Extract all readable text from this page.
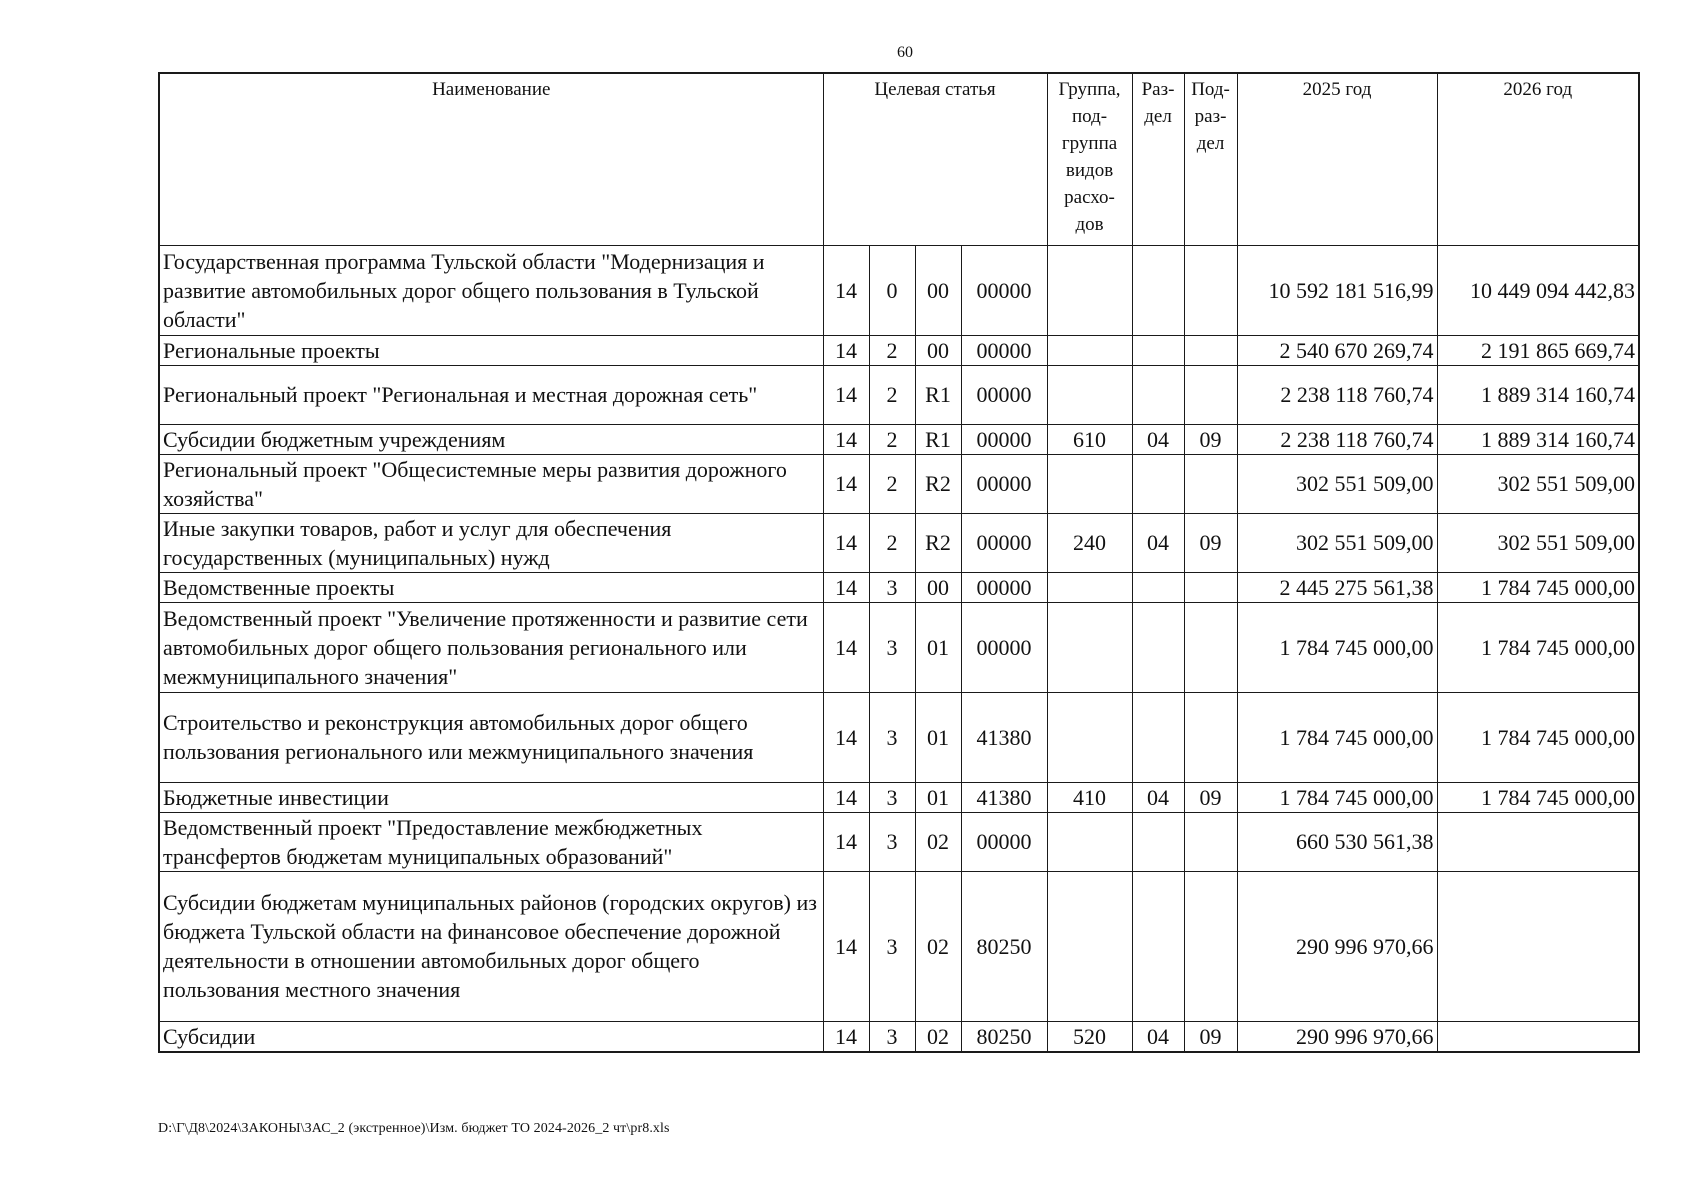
60
Наименование	Целевая статья				Группа, под- группа видов расхо- дов	Раз- дел	Под- раз- дел	2025 год	2026 год
Государственная программа Тульской области "Модернизация и развитие автомобильных дорог общего пользования в Тульской области"	14	0	00	00000				10 592 181 516,99	10 449 094 442,83
Региональные проекты	14	2	00	00000				2 540 670 269,74	2 191 865 669,74
Региональный проект "Региональная и местная дорожная сеть"	14	2	R1	00000				2 238 118 760,74	1 889 314 160,74
Субсидии бюджетным учреждениям	14	2	R1	00000	610	04	09	2 238 118 760,74	1 889 314 160,74
Региональный проект "Общесистемные меры развития дорожного хозяйства"	14	2	R2	00000				302 551 509,00	302 551 509,00
Иные закупки товаров, работ и услуг для обеспечения государственных (муниципальных) нужд	14	2	R2	00000	240	04	09	302 551 509,00	302 551 509,00
Ведомственные проекты	14	3	00	00000				2 445 275 561,38	1 784 745 000,00
Ведомственный проект "Увеличение протяженности и развитие сети автомобильных дорог общего пользования регионального или межмуниципального значения"	14	3	01	00000				1 784 745 000,00	1 784 745 000,00
Строительство и реконструкция автомобильных дорог общего пользования регионального или межмуниципального значения	14	3	01	41380				1 784 745 000,00	1 784 745 000,00
Бюджетные инвестиции	14	3	01	41380	410	04	09	1 784 745 000,00	1 784 745 000,00
Ведомственный проект "Предоставление межбюджетных трансфертов бюджетам муниципальных образований"	14	3	02	00000				660 530 561,38	
Субсидии бюджетам муниципальных районов (городских округов) из бюджета Тульской области на финансовое обеспечение дорожной деятельности в отношении автомобильных дорог общего пользования местного значения	14	3	02	80250				290 996 970,66	
Субсидии	14	3	02	80250	520	04	09	290 996 970,66	
D:\Г\Д8\2024\ЗАКОНЫ\ЗАС_2 (экстренное)\Изм. бюджет ТО 2024-2026_2 чт\pr8.xls
